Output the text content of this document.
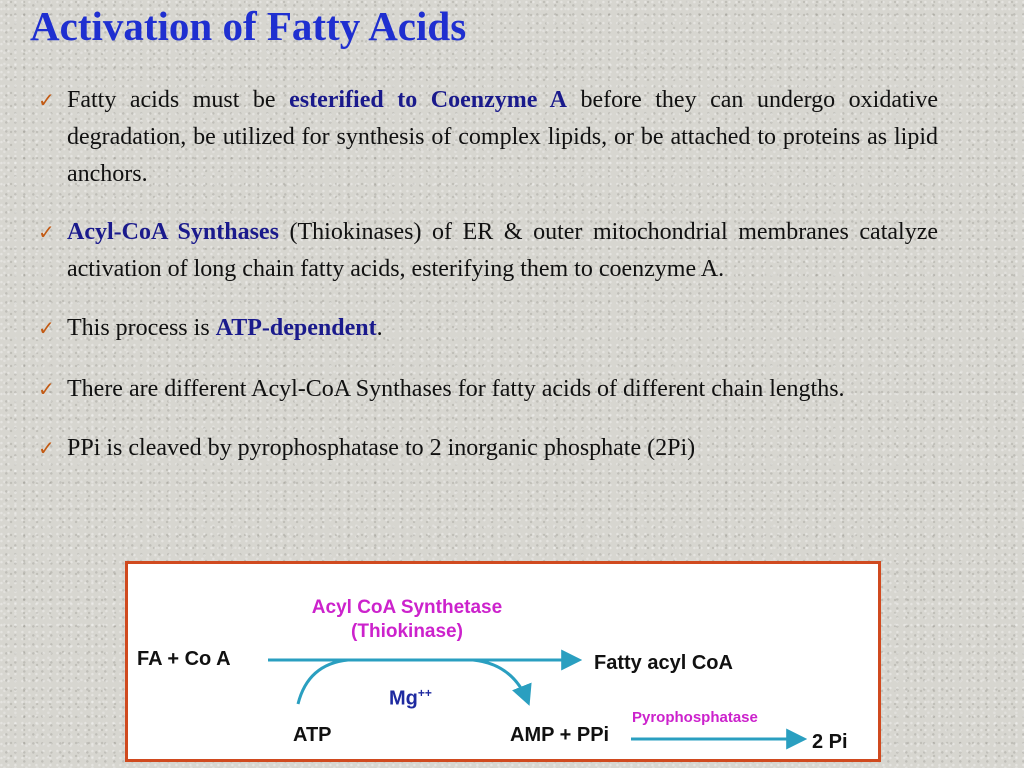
Activation of Fatty Acids
✓ Fatty acids must be esterified to Coenzyme A before they can undergo oxidative degradation, be utilized for synthesis of complex lipids, or be attached to proteins as lipid anchors.
✓ Acyl-CoA Synthases (Thiokinases) of ER & outer mitochondrial membranes catalyze activation of long chain fatty acids, esterifying them to coenzyme A.
✓ This process is ATP-dependent.
✓ There are different Acyl-CoA Synthases for fatty acids of different chain lengths.
✓ PPi is cleaved by pyrophosphatase to 2 inorganic phosphate (2Pi)
Acyl CoA Synthetase
(Thiokinase)
FA + Co A	Fatty acyl CoA
Mg++
ATP	AMP + PPi
Pyrophosphatase
2 Pi
